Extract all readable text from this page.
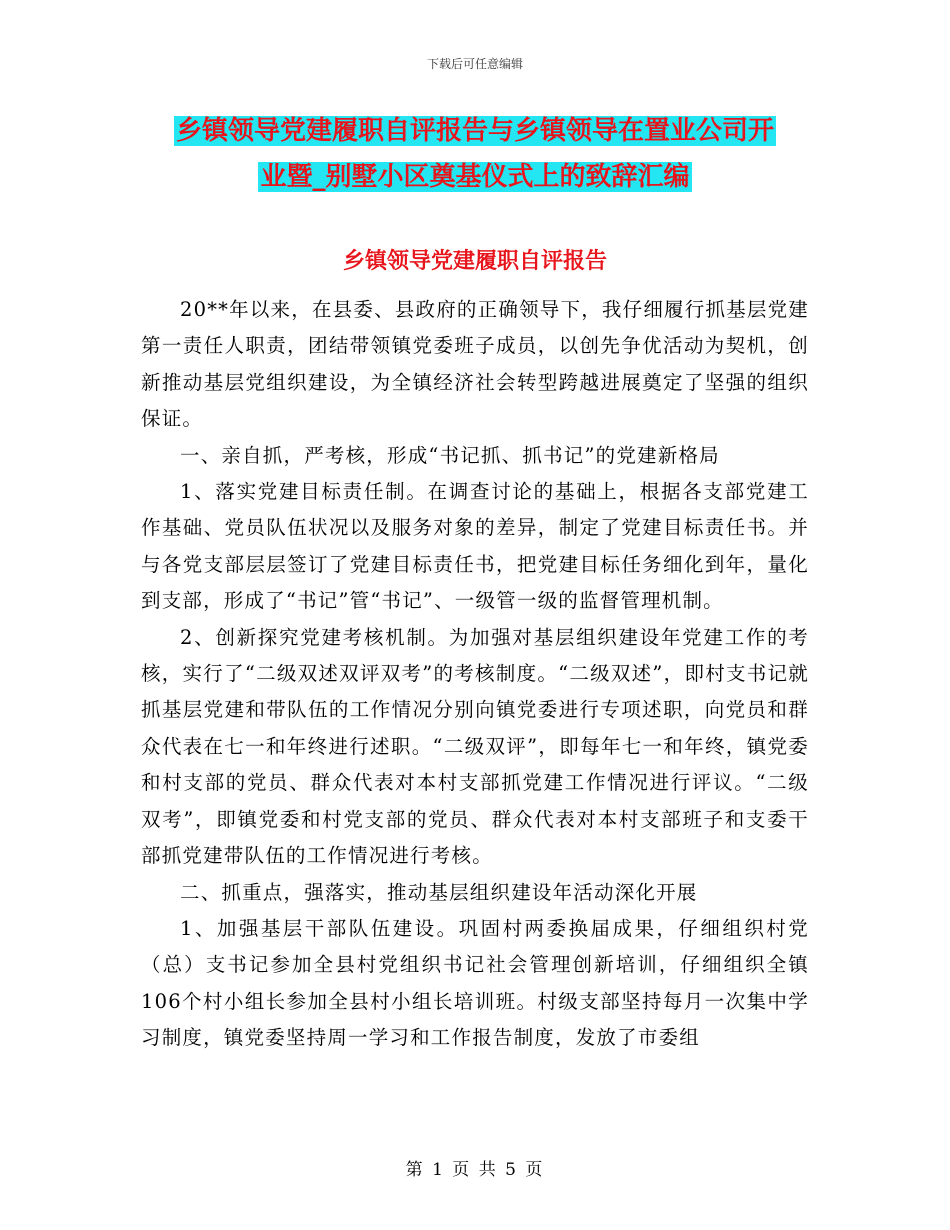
下载后可任意编辑
乡镇领导党建履职自评报告与乡镇领导在置业公司开
业暨_别墅小区奠基仪式上的致辞汇编
乡镇领导党建履职自评报告

20**年以来，在县委、县政府的正确领导下，我仔细履行抓基层党建第一责任人职责，团结带领镇党委班子成员，以创先争优活动为契机，创新推动基层党组织建设，为全镇经济社会转型跨越进展奠定了坚强的组织保证。

一、亲自抓，严考核，形成“书记抓、抓书记”的党建新格局

1、落实党建目标责任制。在调查讨论的基础上，根据各支部党建工作基础、党员队伍状况以及服务对象的差异，制定了党建目标责任书。并与各党支部层层签订了党建目标责任书，把党建目标任务细化到年，量化到支部，形成了“书记”管“书记”、一级管一级的监督管理机制。

2、创新探究党建考核机制。为加强对基层组织建设年党建工作的考核，实行了“二级双述双评双考”的考核制度。“二级双述”，即村支书记就抓基层党建和带队伍的工作情况分别向镇党委进行专项述职，向党员和群众代表在七一和年终进行述职。“二级双评”，即每年七一和年终，镇党委和村支部的党员、群众代表对本村支部抓党建工作情况进行评议。“二级双考”，即镇党委和村党支部的党员、群众代表对本村支部班子和支委干部抓党建带队伍的工作情况进行考核。

二、抓重点，强落实，推动基层组织建设年活动深化开展

1、加强基层干部队伍建设。巩固村两委换届成果，仔细组织村党（总）支书记参加全县村党组织书记社会管理创新培训，仔细组织全镇106个村小组长参加全县村小组长培训班。村级支部坚持每月一次集中学习制度，镇党委坚持周一学习和工作报告制度，发放了市委组

第 1 页 共 5 页
